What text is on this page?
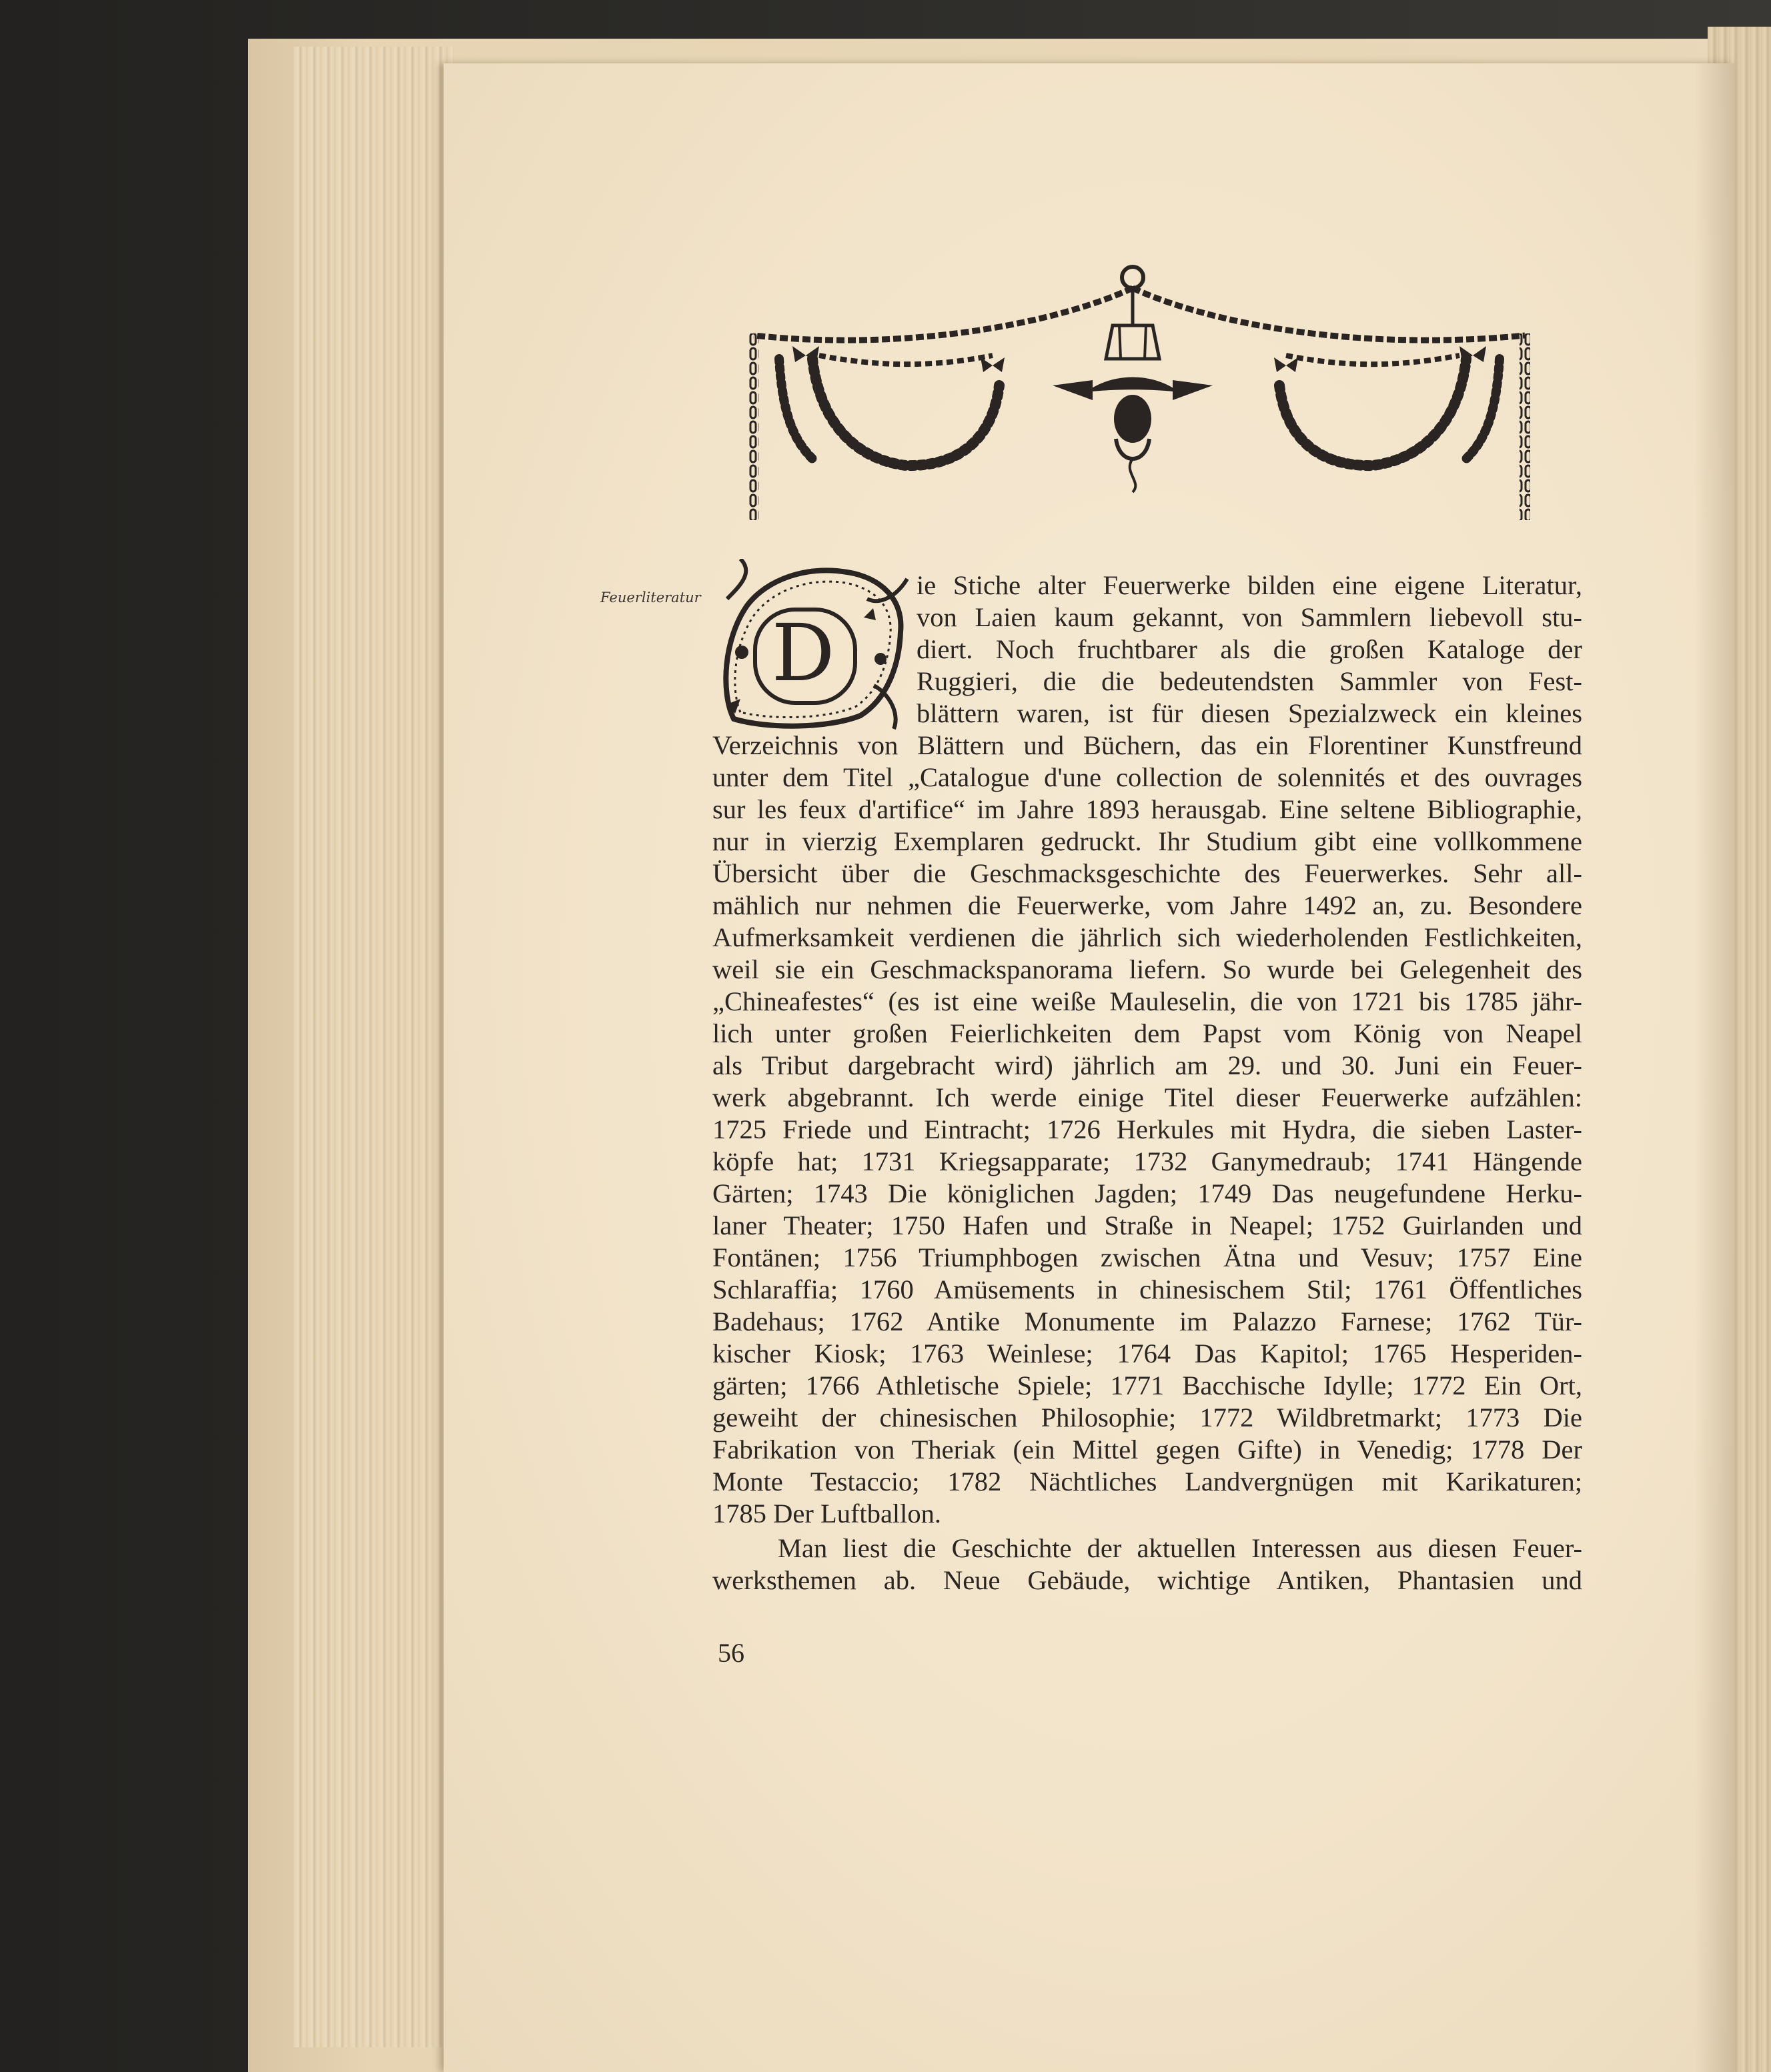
D
Feuerliteratur	ie Stiche alter Feuerwerke bilden eine eigene Literatur,
von Laien kaum gekannt, von Sammlern liebevoll stu-
diert. Noch fruchtbarer als die großen Kataloge der
Ruggieri, die die bedeutendsten Sammler von Fest-
blättern waren, ist für diesen Spezialzweck ein kleines
Verzeichnis von Blättern und Büchern, das ein Florentiner Kunstfreund
unter dem Titel „Catalogue d'une collection de solennités et des ouvrages
sur les feux d'artifice“ im Jahre 1893 herausgab. Eine seltene Bibliographie,
nur in vierzig Exemplaren gedruckt. Ihr Studium gibt eine vollkommene
Übersicht über die Geschmacksgeschichte des Feuerwerkes. Sehr all-
mählich nur nehmen die Feuerwerke, vom Jahre 1492 an, zu. Besondere
Aufmerksamkeit verdienen die jährlich sich wiederholenden Festlichkeiten,
weil sie ein Geschmackspanorama liefern. So wurde bei Gelegenheit des
„Chineafestes“ (es ist eine weiße Mauleselin, die von 1721 bis 1785 jähr-
lich unter großen Feierlichkeiten dem Papst vom König von Neapel
als Tribut dargebracht wird) jährlich am 29. und 30. Juni ein Feuer-
werk abgebrannt. Ich werde einige Titel dieser Feuerwerke aufzählen:
1725 Friede und Eintracht; 1726 Herkules mit Hydra, die sieben Laster-
köpfe hat; 1731 Kriegsapparate; 1732 Ganymedraub; 1741 Hängende
Gärten; 1743 Die königlichen Jagden; 1749 Das neugefundene Herku-
laner Theater; 1750 Hafen und Straße in Neapel; 1752 Guirlanden und
Fontänen; 1756 Triumphbogen zwischen Ätna und Vesuv; 1757 Eine
Schlaraffia; 1760 Amüsements in chinesischem Stil; 1761 Öffentliches
Badehaus; 1762 Antike Monumente im Palazzo Farnese; 1762 Tür-
kischer Kiosk; 1763 Weinlese; 1764 Das Kapitol; 1765 Hesperiden-
gärten; 1766 Athletische Spiele; 1771 Bacchische Idylle; 1772 Ein Ort,
geweiht der chinesischen Philosophie; 1772 Wildbretmarkt; 1773 Die
Fabrikation von Theriak (ein Mittel gegen Gifte) in Venedig; 1778 Der
Monte Testaccio; 1782 Nächtliches Landvergnügen mit Karikaturen;
1785 Der Luftballon.
Man liest die Geschichte der aktuellen Interessen aus diesen Feuer-
werksthemen ab. Neue Gebäude, wichtige Antiken, Phantasien und
56
